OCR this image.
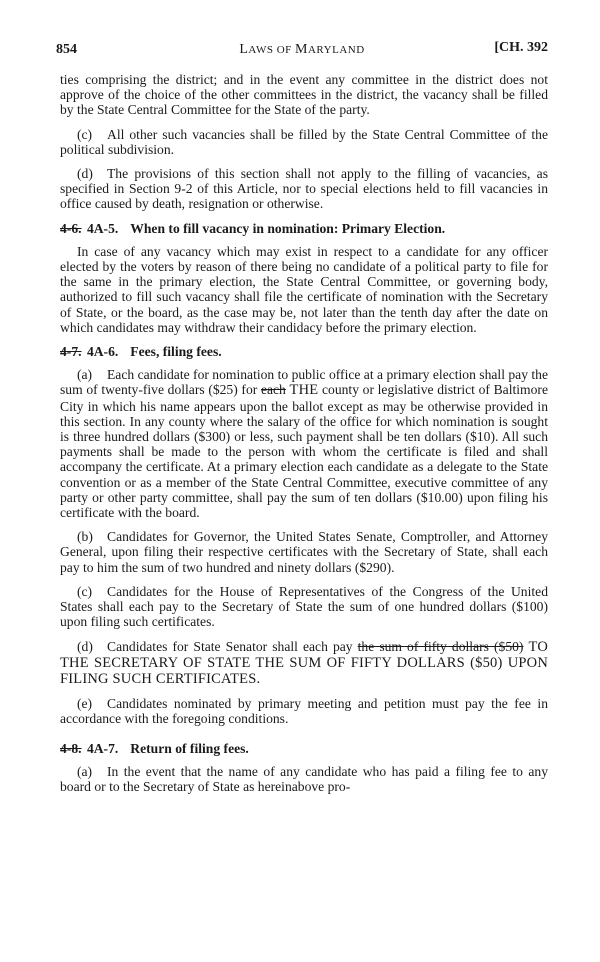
854	LAWS OF MARYLAND	[CH. 392

ties comprising the district; and in the event any committee in the district does not approve of the choice of the other committees in the district, the vacancy shall be filled by the State Central Committee for the State of the party.

(c) All other such vacancies shall be filled by the State Central Committee of the political subdivision.

(d) The provisions of this section shall not apply to the filling of vacancies, as specified in Section 9-2 of this Article, nor to special elections held to fill vacancies in office caused by death, resignation or otherwise.

4-6. 4A-5. When to fill vacancy in nomination: Primary Election.

In case of any vacancy which may exist in respect to a candidate for any officer elected by the voters by reason of there being no candidate of a political party to file for the same in the primary election, the State Central Committee, or governing body, authorized to fill such vacancy shall file the certificate of nomination with the Secretary of State, or the board, as the case may be, not later than the tenth day after the date on which candidates may withdraw their candidacy before the primary election.

4-7. 4A-6. Fees, filing fees.

(a) Each candidate for nomination to public office at a primary election shall pay the sum of twenty-five dollars ($25) for each THE county or legislative district of Baltimore City in which his name appears upon the ballot except as may be otherwise provided in this section. In any county where the salary of the office for which nomination is sought is three hundred dollars ($300) or less, such payment shall be ten dollars ($10). All such payments shall be made to the person with whom the certificate is filed and shall accompany the certificate. At a primary election each candidate as a delegate to the State convention or as a member of the State Central Committee, executive committee of any party or other party committee, shall pay the sum of ten dollars ($10.00) upon filing his certificate with the board.

(b) Candidates for Governor, the United States Senate, Comptroller, and Attorney General, upon filing their respective certificates with the Secretary of State, shall each pay to him the sum of two hundred and ninety dollars ($290).

(c) Candidates for the House of Representatives of the Congress of the United States shall each pay to the Secretary of State the sum of one hundred dollars ($100) upon filing such certificates.

(d) Candidates for State Senator shall each pay the sum of fifty dollars ($50) TO THE SECRETARY OF STATE THE SUM OF FIFTY DOLLARS ($50) UPON FILING SUCH CERTIFICATES.

(e) Candidates nominated by primary meeting and petition must pay the fee in accordance with the foregoing conditions.

4-8. 4A-7. Return of filing fees.

(a) In the event that the name of any candidate who has paid a filing fee to any board or to the Secretary of State as hereinabove pro-
